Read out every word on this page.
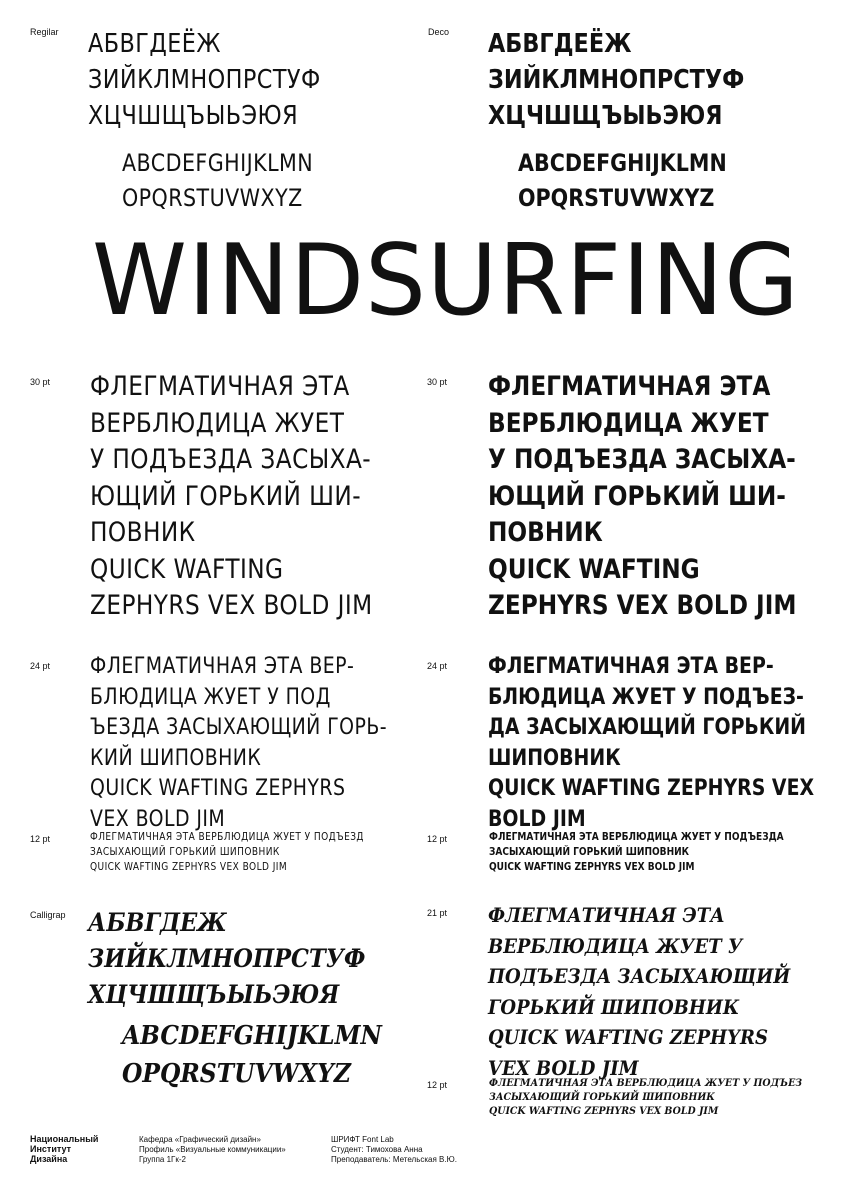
Regilar АБВГДЕЁЖ
ЗИЙКЛМНОПРСТУФ
ХЦЧШЩЪЫЬЭЮЯ
ABCDEFGHIJKLMN
OPQRSTUVWXYZ
Deco АБВГДЕЁЖ
ЗИЙКЛМНОПРСТУФ
ХЦЧШЩЪЫЬЭЮЯ
ABCDEFGHIJKLMN
OPQRSTUVWXYZ
WINDSURFING
30 pt ФЛЕГМАТИЧНАЯ ЭТА
ВЕРБЛЮДИЦА ЖУЕТ
У ПОДЪЕЗДА ЗАСЫХА-
ЮЩИЙ ГОРЬКИЙ ШИ-
ПОВНИК
QUICK WAFTING
ZEPHYRS VEX BOLD JIM
24 pt ФЛЕГМАТИЧНАЯ ЭТА ВЕР-
БЛЮДИЦА ЖУЕТ У ПОД
ЪЕЗДА ЗАСЫХАЮЩИЙ ГОРЬ-
КИЙ ШИПОВНИК
QUICK WAFTING ZEPHYRS
VEX BOLD JIM
12 pt	ФЛЕГМАТИЧНАЯ ЭТА ВЕРБЛЮДИЦА ЖУЕТ У ПОДЪЕЗД
ЗАСЫХАЮЩИЙ ГОРЬКИЙ ШИПОВНИК
QUICK WAFTING ZEPHYRS VEX BOLD JIM
30 pt ФЛЕГМАТИЧНАЯ ЭТА
ВЕРБЛЮДИЦА ЖУЕТ
У ПОДЪЕЗДА ЗАСЫХА-
ЮЩИЙ ГОРЬКИЙ ШИ-
ПОВНИК
QUICK WAFTING
ZEPHYRS VEX BOLD JIM
24 pt ФЛЕГМАТИЧНАЯ ЭТА ВЕР-
БЛЮДИЦА ЖУЕТ У ПОДЪЕЗ-
ДА ЗАСЫХАЮЩИЙ ГОРЬКИЙ
ШИПОВНИК
QUICK WAFTING ZEPHYRS VEX
BOLD JIM
12 pt	ФЛЕГМАТИЧНАЯ ЭТА ВЕРБЛЮДИЦА ЖУЕТ У ПОДЪЕЗДА
ЗАСЫХАЮЩИЙ ГОРЬКИЙ ШИПОВНИК
QUICK WAFTING ZEPHYRS VEX BOLD JIM
Calligrap АБВГДЕЖ
ЗИЙКЛМНОПРСТУФ
ХЦЧШЩЪЫЬЭЮЯ
ABCDEFGHIJKLMN
OPQRSTUVWXYZ
21 pt ФЛЕГМАТИЧНАЯ ЭТА
ВЕРБЛЮДИЦА ЖУЕТ У
ПОДЪЕЗДА ЗАСЫХАЮЩИЙ
ГОРЬКИЙ ШИПОВНИК
QUICK WAFTING ZEPHYRS
VEX BOLD JIM
12 pt	ФЛЕГМАТИЧНАЯ ЭТА ВЕРБЛЮДИЦА ЖУЕТ У ПОДЪЕЗ
ЗАСЫХАЮЩИЙ ГОРЬКИЙ ШИПОВНИК
QUICK WAFTING ZEPHYRS VEX BOLD JIM
Национальный
Институт
Дизайна
Кафедра «Графический дизайн»
Профиль «Визуальные коммуникации»
Группа 1Гк-2
ШРИФТ Font Lab
Студент: Тимохова Анна
Преподаватель: Метельская В.Ю.
